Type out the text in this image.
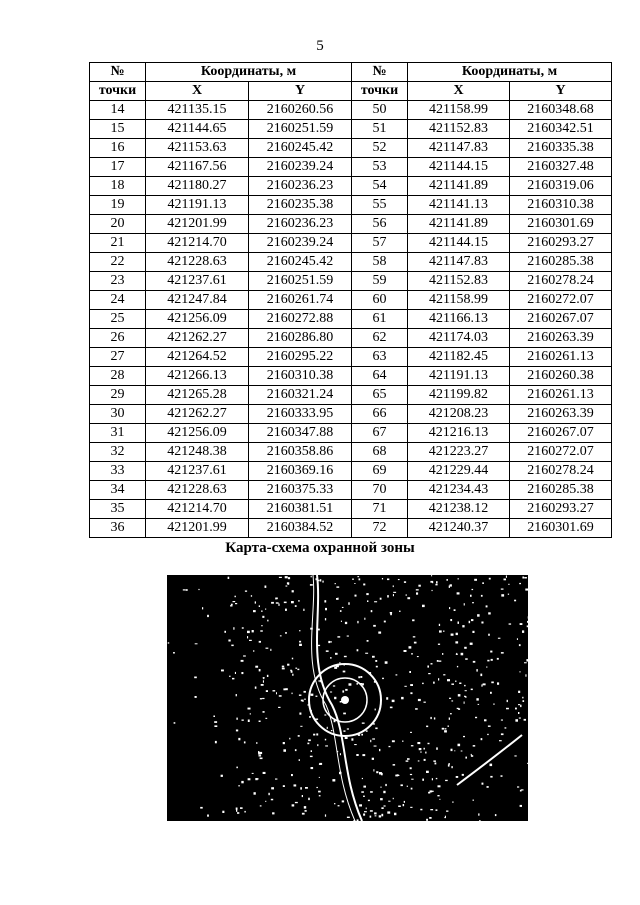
5
№	Координаты, м		№	Координаты, м	
точки	X	Y	точки	X	Y
14	421135.15	2160260.56	50	421158.99	2160348.68
15	421144.65	2160251.59	51	421152.83	2160342.51
16	421153.63	2160245.42	52	421147.83	2160335.38
17	421167.56	2160239.24	53	421144.15	2160327.48
18	421180.27	2160236.23	54	421141.89	2160319.06
19	421191.13	2160235.38	55	421141.13	2160310.38
20	421201.99	2160236.23	56	421141.89	2160301.69
21	421214.70	2160239.24	57	421144.15	2160293.27
22	421228.63	2160245.42	58	421147.83	2160285.38
23	421237.61	2160251.59	59	421152.83	2160278.24
24	421247.84	2160261.74	60	421158.99	2160272.07
25	421256.09	2160272.88	61	421166.13	2160267.07
26	421262.27	2160286.80	62	421174.03	2160263.39
27	421264.52	2160295.22	63	421182.45	2160261.13
28	421266.13	2160310.38	64	421191.13	2160260.38
29	421265.28	2160321.24	65	421199.82	2160261.13
30	421262.27	2160333.95	66	421208.23	2160263.39
31	421256.09	2160347.88	67	421216.13	2160267.07
32	421248.38	2160358.86	68	421223.27	2160272.07
33	421237.61	2160369.16	69	421229.44	2160278.24
34	421228.63	2160375.33	70	421234.43	2160285.38
35	421214.70	2160381.51	71	421238.12	2160293.27
36	421201.99	2160384.52	72	421240.37	2160301.69
Карта-схема охранной зоны
